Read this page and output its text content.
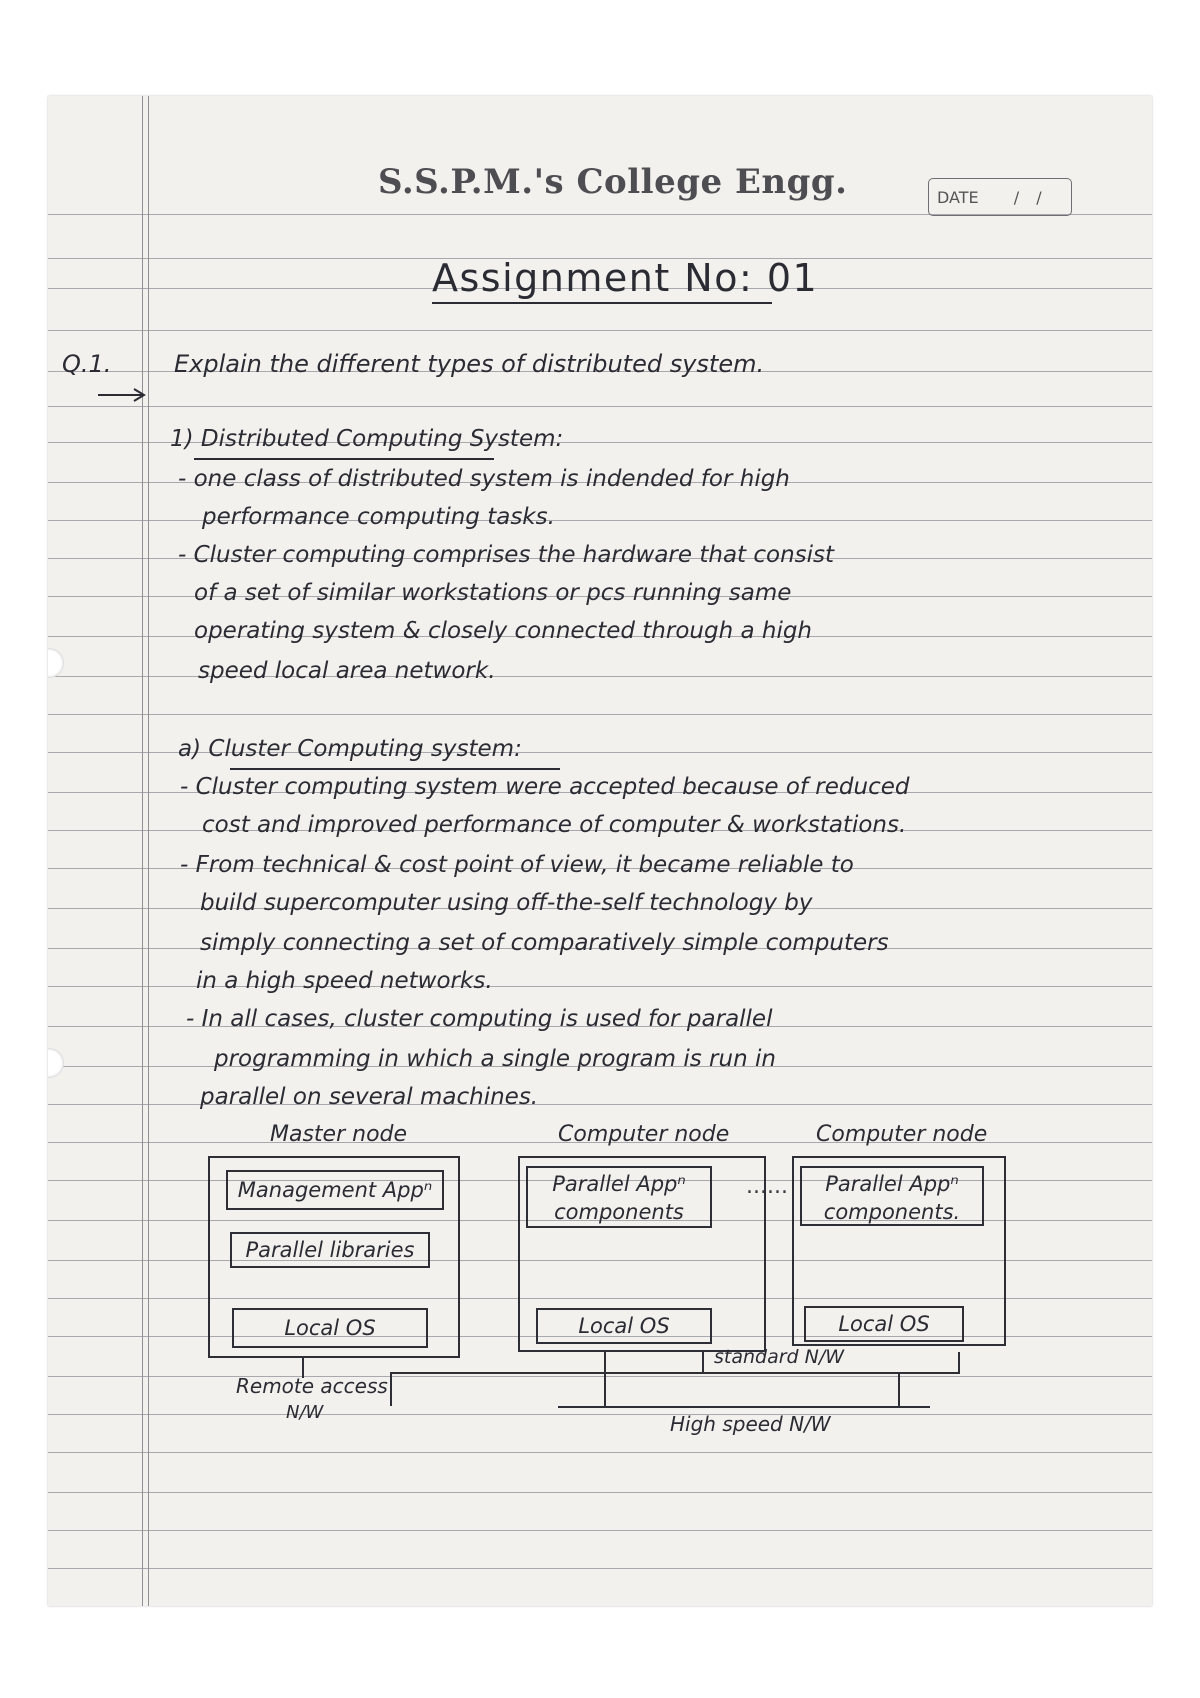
S.S.P.M.'s College Engg.	DATE / /
Assignment No: 01
Q.1.	Explain the different types of distributed system.
1) Distributed Computing System:
- one class of distributed system is indended for high
performance computing tasks.
- Cluster computing comprises the hardware that consist
of a set of similar workstations or pcs running same
operating system & closely connected through a high
speed local area network.
a) Cluster Computing system:
- Cluster computing system were accepted because of reduced
cost and improved performance of computer & workstations.
- From technical & cost point of view, it became reliable to
build supercomputer using off-the-self technology by
simply connecting a set of comparatively simple computers
in a high speed networks.
- In all cases, cluster computing is used for parallel
programming in which a single program is run in
parallel on several machines.
Master node
Management Appⁿ
Parallel libraries
Local OS
Computer node
Parallel Appⁿ
components
Local OS
......
Computer node
Parallel Appⁿ
components.
Local OS
Remote access
N/W
standard N/W
High speed N/W
